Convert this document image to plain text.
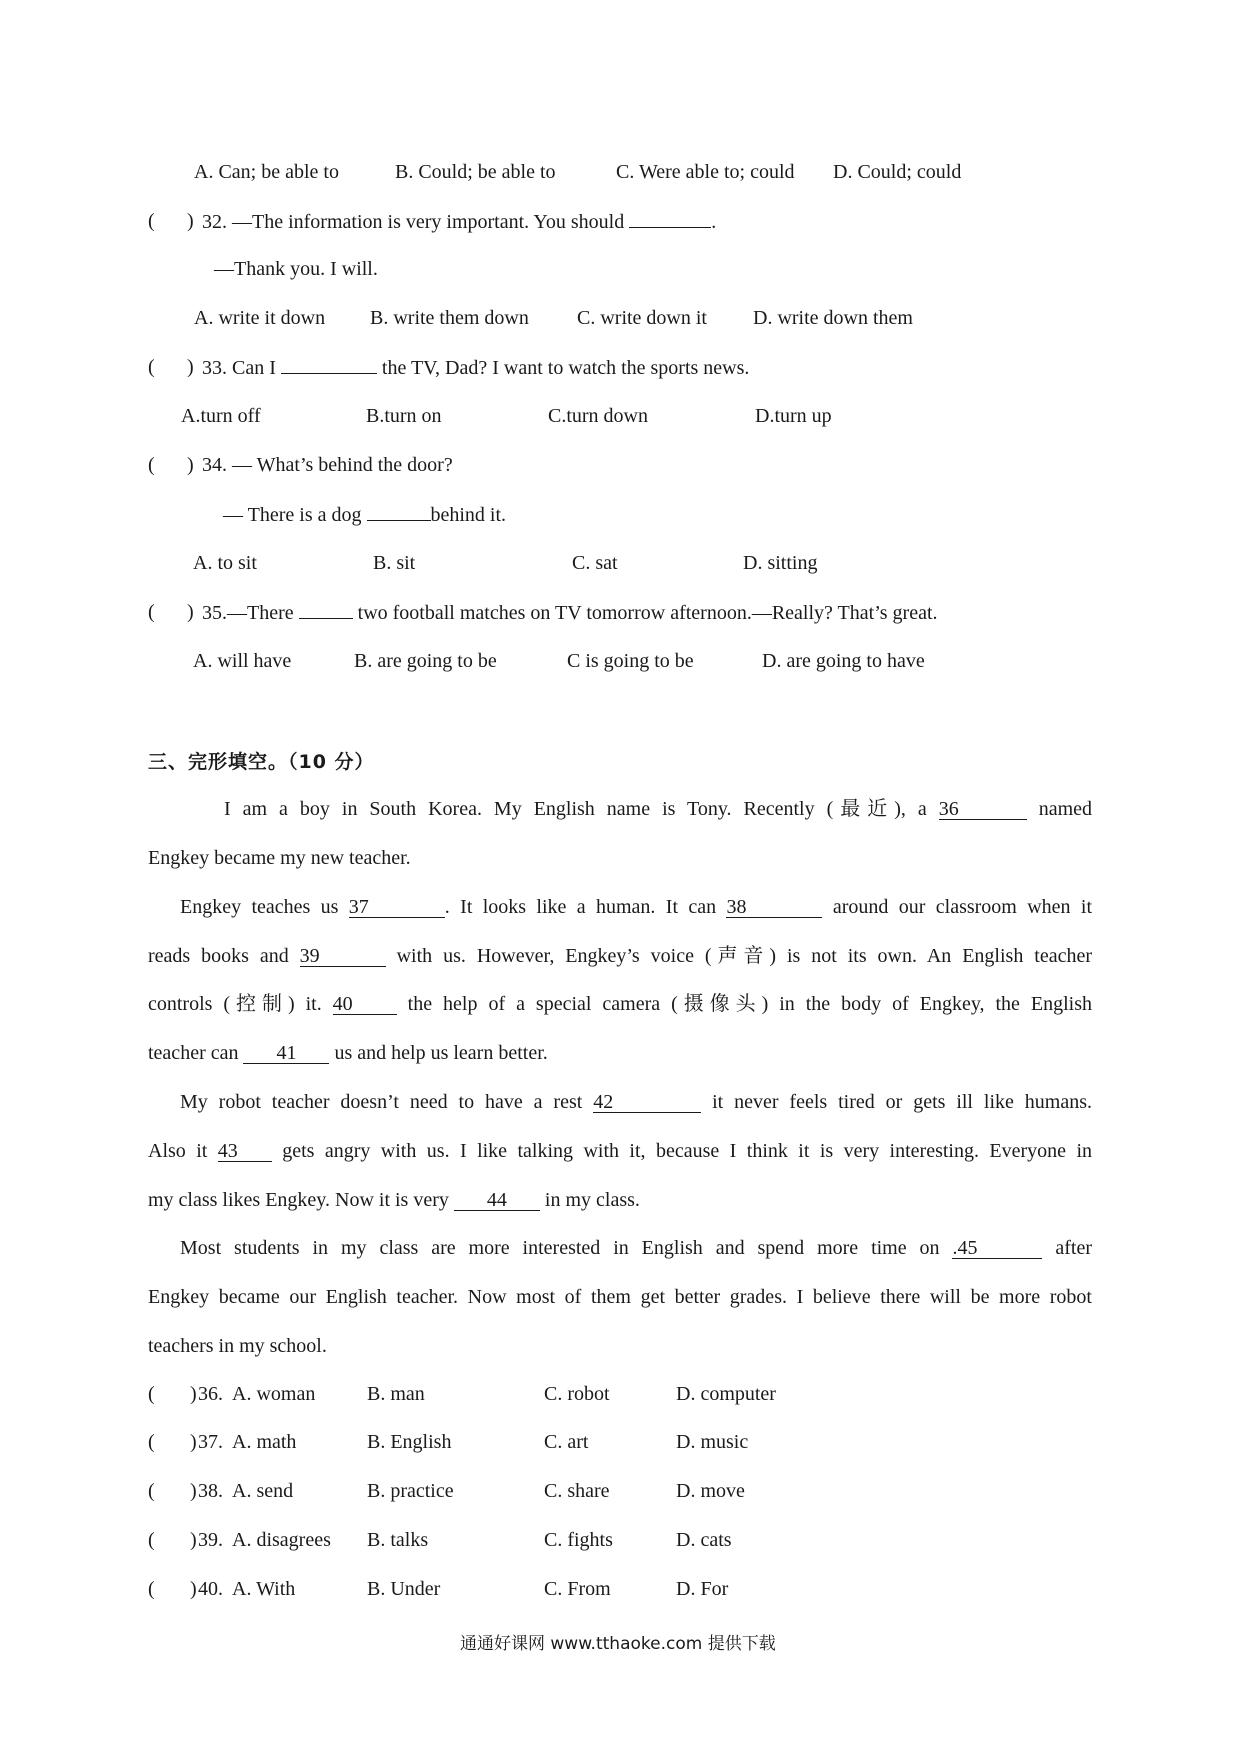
A. Can; be able to	B. Could; be able to	C. Were able to; could D. Could; could
( ) 32. —The information is very important. You should	.
—Thank you. I will.
A. write it down B. write them down C. write down it D. write down them
( ) 33. Can I	the TV, Dad? I want to watch the sports news.
A.turn off	B.turn on	C.turn down	D.turn up
( ) 34. — What’s behind the door?
— There is a dog	behind it.
A. to sit	B. sit	C. sat	D. sitting
( ) 35.—There	two football matches on TV tomorrow afternoon.—Really? That’s great.
A. will have	B. are going to be	C is going to be	D. are going to have
三、完形填空。（10 分）
I am a boy in South Korea. My English name is Tony. Recently (最近), a 36	named
Engkey became my new teacher.
Engkey teaches us 37	. It looks like a human. It can 38	around our classroom when it
reads books and 39	with us. However, Engkey’s voice (声音) is not its own. An English teacher
controls (控制) it. 40	the help of a special camera (摄像头) in the body of Engkey, the English
teacher can 41 us and help us learn better.
My robot teacher doesn’t need to have a rest 42	it never feels tired or gets ill like humans.
Also it 43 gets angry with us. I like talking with it, because I think it is very interesting. Everyone in
my class likes Engkey. Now it is very 44 in my class.
Most students in my class are more interested in English and spend more time on .45	after
Engkey became our English teacher. Now most of them get better grades. I believe there will be more robot
teachers in my school.
( ) 36. A. woman	B. man	C. robot	D. computer
( ) 37. A. math	B. English	C. art	D. music
( ) 38. A. send	B. practice	C. share	D. move
( ) 39. A. disagrees B. talks	C. fights	D. cats
( ) 40. A. With	B. Under	C. From	D. For
通通好课网 www.tthaoke.com 提供下载
